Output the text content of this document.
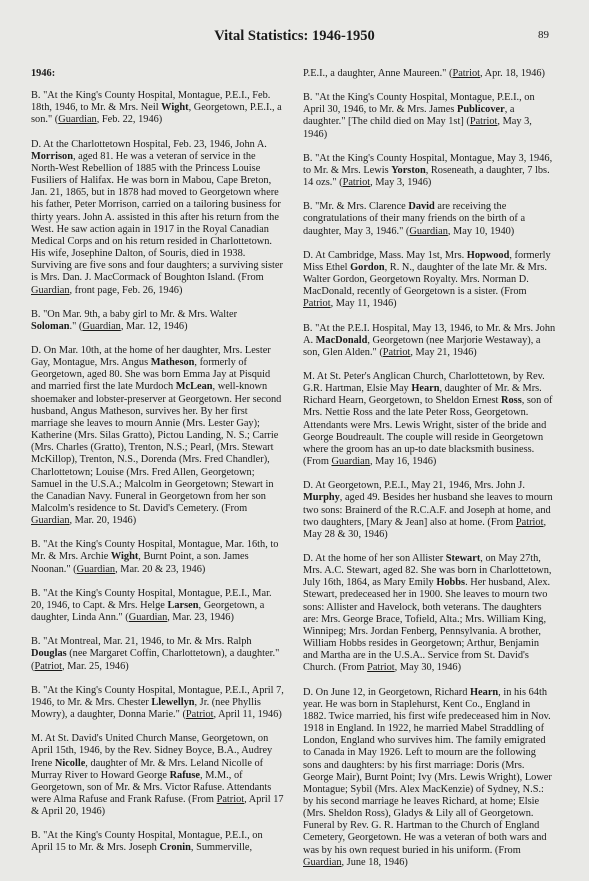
Vital Statistics: 1946-1950	89
1946:

B. "At the King's County Hospital, Montague, P.E.I., Feb. 18th, 1946, to Mr. & Mrs. Neil Wight, Georgetown, P.E.I., a son." (Guardian, Feb. 22, 1946)

D. At the Charlottetown Hospital, Feb. 23, 1946, John A. Morrison, aged 81. He was a veteran of service in the North-West Rebellion of 1885 with the Princess Louise Fusiliers of Halifax. He was born in Mabou, Cape Breton, Jan. 21, 1865, but in 1878 had moved to Georgetown where his father, Peter Morrison, carried on a tailoring business for thirty years. John A. assisted in this after his return from the West. He saw action again in 1917 in the Royal Canadian Medical Corps and on his return resided in Charlottetown. His wife, Josephine Dalton, of Souris, died in 1938. Surviving are five sons and four daughters; a surviving sister is Mrs. Dan. J. MacCormack of Boughton Island. (From Guardian, front page, Feb. 26, 1946)

B. "On Mar. 9th, a baby girl to Mr. & Mrs. Walter Soloman." (Guardian, Mar. 12, 1946)

D. On Mar. 10th, at the home of her daughter, Mrs. Lester Gay, Montague, Mrs. Angus Matheson, formerly of Georgetown, aged 80. She was born Emma Jay at Pisquid and married first the late Murdoch McLean, well-known shoemaker and lobster-preserver at Georgetown. Her second husband, Angus Matheson, survives her. By her first marriage she leaves to mourn Annie (Mrs. Lester Gay); Katherine (Mrs. Silas Gratto), Pictou Landing, N. S.; Carrie (Mrs. Charles (Gratto), Trenton, N.S.; Pearl, (Mrs. Stewart McKillop), Trenton, N.S., Dorenda (Mrs. Fred Chandler), Charlottetown; Louise (Mrs. Fred Allen, Georgetown; Samuel in the U.S.A.; Malcolm in Georgetown; Stewart in the Canadian Navy. Funeral in Georgetown from her son Malcolm's residence to St. David's Cemetery. (From Guardian, Mar. 20, 1946)

B. "At the King's County Hospital, Montague, Mar. 16th, to Mr. & Mrs. Archie Wight, Burnt Point, a son. James Noonan." (Guardian, Mar. 20 & 23, 1946)

B. "At the King's County Hospital, Montague, P.E.I., Mar. 20, 1946, to Capt. & Mrs. Helge Larsen, Georgetown, a daughter, Linda Ann." (Guardian, Mar. 23, 1946)

B. "At Montreal, Mar. 21, 1946, to Mr. & Mrs. Ralph Douglas (nee Margaret Coffin, Charlottetown), a daughter." (Patriot, Mar. 25, 1946)

B. "At the King's County Hospital, Montague, P.E.I., April 7, 1946, to Mr. & Mrs. Chester Llewellyn, Jr. (nee Phyllis Mowry), a daughter, Donna Marie." (Patriot, April 11, 1946)

M. At St. David's United Church Manse, Georgetown, on April 15th, 1946, by the Rev. Sidney Boyce, B.A., Audrey Irene Nicolle, daughter of Mr. & Mrs. Leland Nicolle of Murray River to Howard George Rafuse, M.M., of Georgetown, son of Mr. & Mrs. Victor Rafuse. Attendants were Alma Rafuse and Frank Rafuse. (From Patriot, April 17 & April 20, 1946)

B. "At the King's County Hospital, Montague, P.E.I., on April 15 to Mr. & Mrs. Joseph Cronin, Summerville,

P.E.I., a daughter, Anne Maureen." (Patriot, Apr. 18, 1946)

B. "At the King's County Hospital, Montague, P.E.I., on April 30, 1946, to Mr. & Mrs. James Publicover, a daughter." [The child died on May 1st] (Patriot, May 3, 1946)

B. "At the King's County Hospital, Montague, May 3, 1946, to Mr. & Mrs. Lewis Yorston, Roseneath, a daughter, 7 lbs. 14 ozs." (Patriot, May 3, 1946)

B. "Mr. & Mrs. Clarence David are receiving the congratulations of their many friends on the birth of a daughter, May 3, 1946." (Guardian, May 10, 1940)

D. At Cambridge, Mass. May 1st, Mrs. Hopwood, formerly Miss Ethel Gordon, R. N., daughter of the late Mr. & Mrs. Walter Gordon, Georgetown Royalty. Mrs. Norman D. MacDonald, recently of Georgetown is a sister. (From Patriot, May 11, 1946)

B. "At the P.E.I. Hospital, May 13, 1946, to Mr. & Mrs. John A. MacDonald, Georgetown (nee Marjorie Westaway), a son, Glen Alden." (Patriot, May 21, 1946)

M. At St. Peter's Anglican Church, Charlottetown, by Rev. G.R. Hartman, Elsie May Hearn, daughter of Mr. & Mrs. Richard Hearn, Georgetown, to Sheldon Ernest Ross, son of Mrs. Nettie Ross and the late Peter Ross, Georgetown. Attendants were Mrs. Lewis Wright, sister of the bride and George Boudreault. The couple will reside in Georgetown where the groom has an up-to date blacksmith business. (From Guardian, May 16, 1946)

D. At Georgetown, P.E.I., May 21, 1946, Mrs. John J. Murphy, aged 49. Besides her husband she leaves to mourn two sons: Brainerd of the R.C.A.F. and Joseph at home, and two daughters, [Mary & Jean] also at home. (From Patriot, May 28 & 30, 1946)

D. At the home of her son Allister Stewart, on May 27th, Mrs. A.C. Stewart, aged 82. She was born in Charlottetown, July 16th, 1864, as Mary Emily Hobbs. Her husband, Alex. Stewart, predeceased her in 1900. She leaves to mourn two sons: Allister and Havelock, both veterans. The daughters are: Mrs. George Brace, Tofield, Alta.; Mrs. William King, Winnipeg; Mrs. Jordan Fenberg, Pennsylvania. A brother, William Hobbs resides in Georgetown; Arthur, Benjamin and Martha are in the U.S.A.. Service from St. David's Church. (From Patriot, May 30, 1946)

D. On June 12, in Georgetown, Richard Hearn, in his 64th year. He was born in Staplehurst, Kent Co., England in 1882. Twice married, his first wife predeceased him in Nov. 1918 in England. In 1922, he married Mabel Straddling of London, England who survives him. The family emigrated to Canada in May 1926. Left to mourn are the following sons and daughters: by his first marriage: Doris (Mrs. George Mair), Burnt Point; Ivy (Mrs. Lewis Wright), Lower Montague; Sybil (Mrs. Alex MacKenzie) of Sydney, N.S.: by his second marriage he leaves Richard, at home; Elsie (Mrs. Sheldon Ross), Gladys & Lily all of Georgetown. Funeral by Rev. G. R. Hartman to the Church of England Cemetery, Georgetown. He was a veteran of both wars and was by his own request buried in his uniform. (From Guardian, June 18, 1946)
